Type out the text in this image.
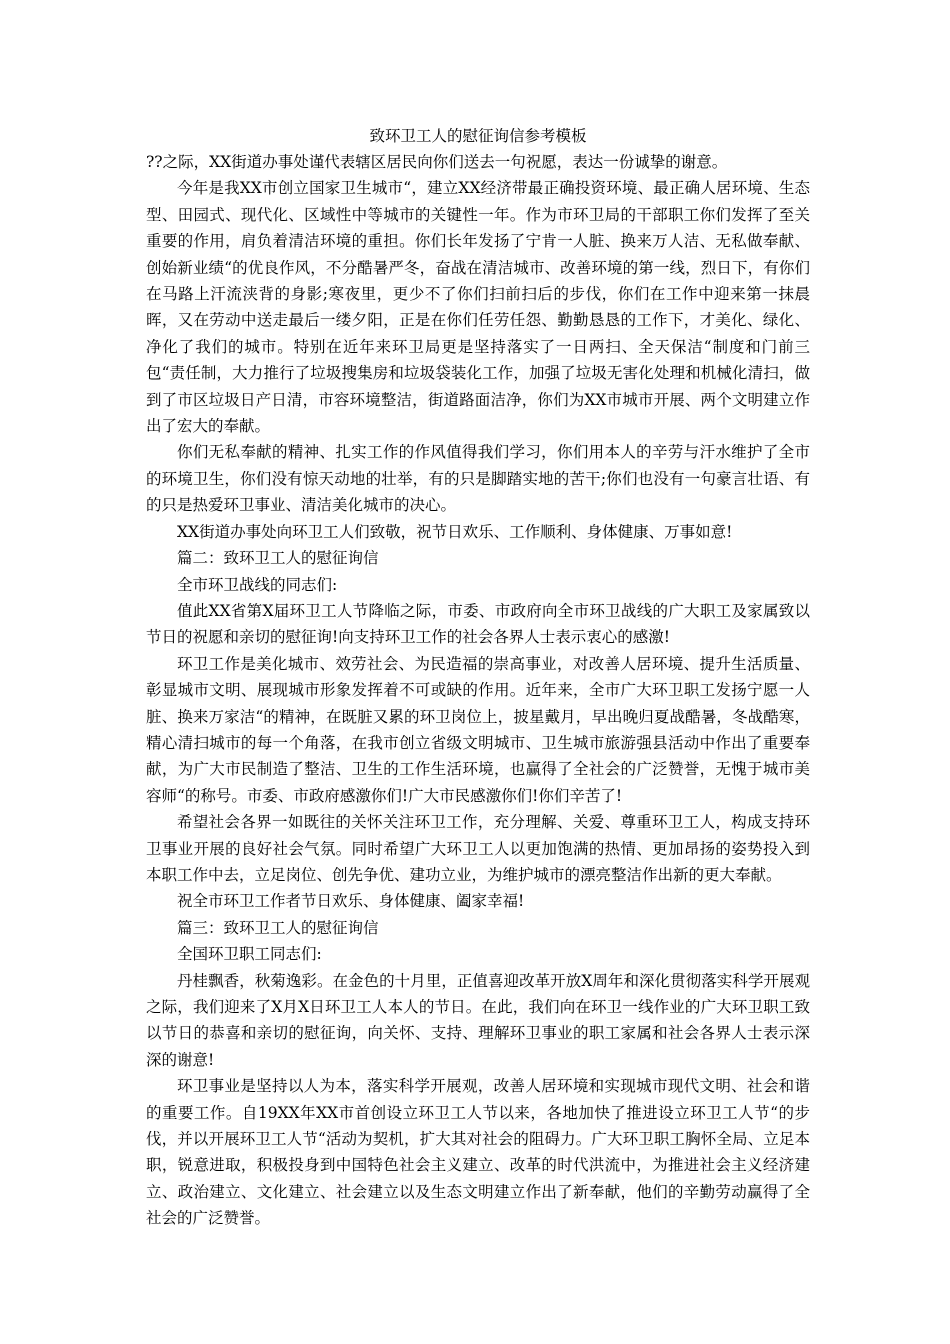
致环卫工人的慰征询信参考模板

??之际，XX街道办事处谨代表辖区居民向你们送去一句祝愿，表达一份诚挚的谢意。

今年是我XX市创立国家卫生城市“，建立XX经济带最正确投资环境、最正确人居环境、生态型、田园式、现代化、区域性中等城市的关键性一年。作为市环卫局的干部职工你们发挥了至关重要的作用，肩负着清洁环境的重担。你们长年发扬了宁肯一人脏、换来万人洁、无私做奉献、创始新业绩“的优良作风，不分酷暑严冬，奋战在清洁城市、改善环境的第一线，烈日下，有你们在马路上汗流浃背的身影;寒夜里，更少不了你们扫前扫后的步伐，你们在工作中迎来第一抹晨晖，又在劳动中送走最后一缕夕阳，正是在你们任劳任怨、勤勤恳恳的工作下，才美化、绿化、净化了我们的城市。特别在近年来环卫局更是坚持落实了一日两扫、全天保洁“制度和门前三包“责任制，大力推行了垃圾搜集房和垃圾袋装化工作，加强了垃圾无害化处理和机械化清扫，做到了市区垃圾日产日清，市容环境整洁，街道路面洁净，你们为XX市城市开展、两个文明建立作出了宏大的奉献。

你们无私奉献的精神、扎实工作的作风值得我们学习，你们用本人的辛劳与汗水维护了全市的环境卫生，你们没有惊天动地的壮举，有的只是脚踏实地的苦干;你们也没有一句豪言壮语、有的只是热爱环卫事业、清洁美化城市的决心。

XX街道办事处向环卫工人们致敬，祝节日欢乐、工作顺利、身体健康、万事如意!

篇二：致环卫工人的慰征询信

全市环卫战线的同志们:

值此XX省第X届环卫工人节降临之际，市委、市政府向全市环卫战线的广大职工及家属致以节日的祝愿和亲切的慰征询!向支持环卫工作的社会各界人士表示衷心的感激!

环卫工作是美化城市、效劳社会、为民造福的崇高事业，对改善人居环境、提升生活质量、彰显城市文明、展现城市形象发挥着不可或缺的作用。近年来，全市广大环卫职工发扬宁愿一人脏、换来万家洁“的精神，在既脏又累的环卫岗位上，披星戴月，早出晚归夏战酷暑，冬战酷寒，精心清扫城市的每一个角落，在我市创立省级文明城市、卫生城市旅游强县活动中作出了重要奉献，为广大市民制造了整洁、卫生的工作生活环境，也赢得了全社会的广泛赞誉，无愧于城市美容师“的称号。市委、市政府感激你们!广大市民感激你们!你们辛苦了!

希望社会各界一如既往的关怀关注环卫工作，充分理解、关爱、尊重环卫工人，构成支持环卫事业开展的良好社会气氛。同时希望广大环卫工人以更加饱满的热情、更加昂扬的姿势投入到本职工作中去，立足岗位、创先争优、建功立业，为维护城市的漂亮整洁作出新的更大奉献。

祝全市环卫工作者节日欢乐、身体健康、阖家幸福!

篇三：致环卫工人的慰征询信

全国环卫职工同志们:

丹桂飘香，秋菊逸彩。在金色的十月里，正值喜迎改革开放X周年和深化贯彻落实科学开展观之际，我们迎来了X月X日环卫工人本人的节日。在此，我们向在环卫一线作业的广大环卫职工致以节日的恭喜和亲切的慰征询，向关怀、支持、理解环卫事业的职工家属和社会各界人士表示深深的谢意!

环卫事业是坚持以人为本，落实科学开展观，改善人居环境和实现城市现代文明、社会和谐的重要工作。自19XX年XX市首创设立环卫工人节以来，各地加快了推进设立环卫工人节“的步伐，并以开展环卫工人节“活动为契机，扩大其对社会的阻碍力。广大环卫职工胸怀全局、立足本职，锐意进取，积极投身到中国特色社会主义建立、改革的时代洪流中，为推进社会主义经济建立、政治建立、文化建立、社会建立以及生态文明建立作出了新奉献，他们的辛勤劳动赢得了全社会的广泛赞誉。
